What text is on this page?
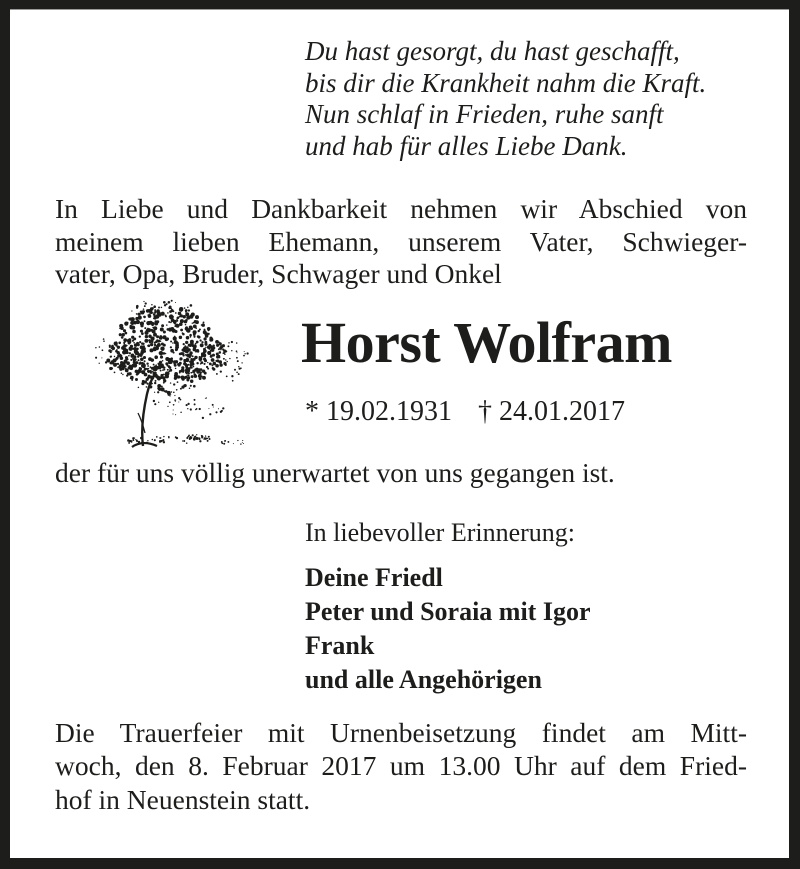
Du hast gesorgt, du hast geschafft,
bis dir die Krankheit nahm die Kraft.
Nun schlaf in Frieden, ruhe sanft
und hab für alles Liebe Dank.
In Liebe und Dankbarkeit nehmen wir Abschied von
meinem lieben Ehemann, unserem Vater, Schwieger-
vater, Opa, Bruder, Schwager und Onkel
Horst Wolfram
* 19.02.1931 † 24.01.2017
der für uns völlig unerwartet von uns gegangen ist.
In liebevoller Erinnerung:
Deine Friedl
Peter und Soraia mit Igor
Frank
und alle Angehörigen
Die Trauerfeier mit Urnenbeisetzung findet am Mitt-
woch, den 8. Februar 2017 um 13.00 Uhr auf dem Fried-
hof in Neuenstein statt.
